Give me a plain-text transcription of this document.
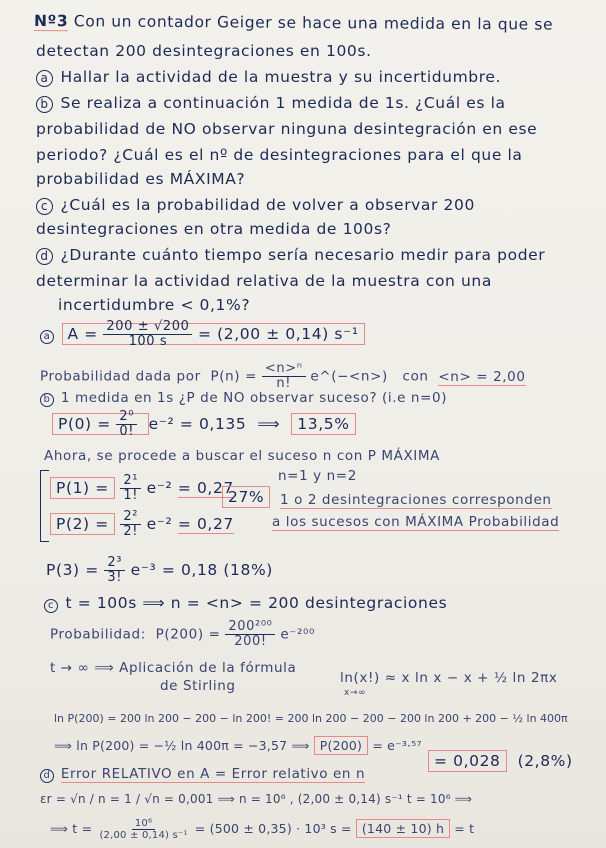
Nº3 Con un contador Geiger se hace una medida en la que se
detectan 200 desintegraciones en 100s.
a Hallar la actividad de la muestra y su incertidumbre.
b Se realiza a continuación 1 medida de 1s. ¿Cuál es la
probabilidad de NO observar ninguna desintegración en ese
periodo? ¿Cuál es el nº de desintegraciones para el que la
probabilidad es MÁXIMA?
c ¿Cuál es la probabilidad de volver a observar 200
desintegraciones en otra medida de 100s?
d ¿Durante cuánto tiempo sería necesario medir para poder
determinar la actividad relativa de la muestra con una
incertidumbre < 0,1%?
a $A = \frac{200 \pm √200}{100 s} = (2,00 \pm 0,14)$ s⁻¹
Probabilidad dada por $P(n) = \frac{\text{<n>ⁿ}}{n!}$ e^(−<n>) con <n> = 2,00
b 1 medida en 1s ¿P de NO observar suceso? (i.e n=0)
$P(0) = \frac{\text{2⁰}}{0!} e^{-2} = 0,135$ ⟹ 13,5%
Ahora, se procede a buscar el suceso n con P MÁXIMA
n=1 y n=2
$P(1) = \frac{\text{2¹}}{1!} e^{-2} = 0,27$
$P(2) = \frac{\text{2²}}{2!} e^{-2} = 0,27$
27%	1 o 2 desintegraciones corresponden
a los sucesos con MÁXIMA Probabilidad
$P(3) = \frac{\text{2³}}{3!} e^{-3} = 0,18$ (18%)
c t = 100s ⟹ n = <n> = 200 desintegraciones
Probabilidad: $P(200) = \frac{\text{200²⁰⁰}}{200!} e^{-200}$
t → ∞ ⟹ Aplicación de la fórmula
de Stirling	ln(x!) ≈ x ln x − x + ½ ln 2πx
x→∞
ln P(200) = 200 ln 200 − 200 − ln 200! = 200 ln 200 − 200 − 200 ln 200 + 200 − ½ ln 400π
⟹ ln P(200) = −½ ln 400π = −3,57 ⟹ P(200) = e⁻³·⁵⁷
= 0,028 (2,8%)
d Error RELATIVO en A = Error relativo en n
εr = √n / n = 1 / √n = 0,001 ⟹ n = 10⁶ , (2,00 ± 0,14) s⁻¹ t = 10⁶ ⟹
⟹ $t = \frac{\text{10⁶}}{\text{(2,00 ± 0,14) s⁻¹}} = (500 \pm 0,35) \cdot 10^3$ s = (140 ± 10) h = t
